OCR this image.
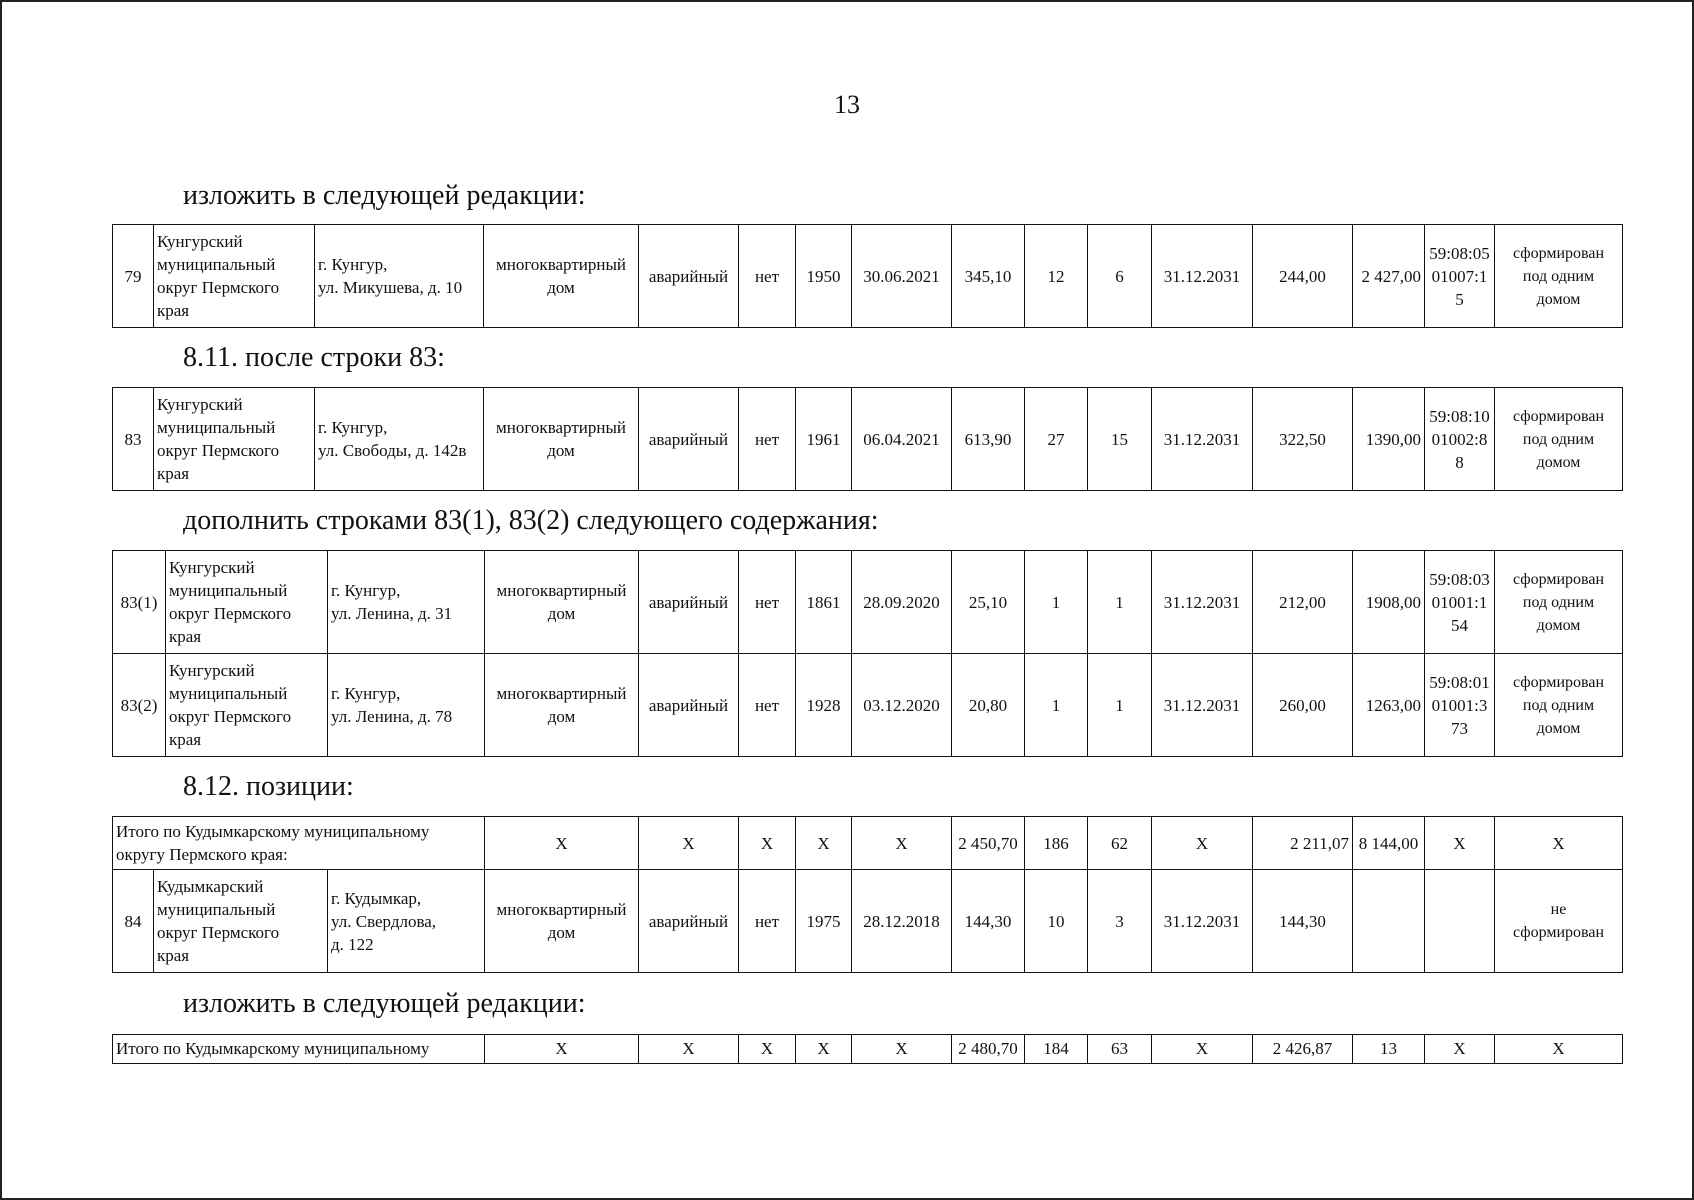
13
изложить в следующей редакции:
79	Кунгурский
муниципальный
округ Пермского
края	г. Кунгур,
ул. Микушева, д. 10	многоквартирный
дом	аварийный	нет	1950	30.06.2021	345,10	12	6	31.12.2031	244,00	2 427,00	59:08:05
01007:1
5	сформирован
под одним
домом
8.11. после строки 83:
83	Кунгурский
муниципальный
округ Пермского
края	г. Кунгур,
ул. Свободы, д. 142в	многоквартирный
дом	аварийный	нет	1961	06.04.2021	613,90	27	15	31.12.2031	322,50	1390,00	59:08:10
01002:8
8	сформирован
под одним
домом
дополнить строками 83(1), 83(2) следующего содержания:
83(1)	Кунгурский
муниципальный
округ Пермского
края	г. Кунгур,
ул. Ленина, д. 31	многоквартирный
дом	аварийный	нет	1861	28.09.2020	25,10	1	1	31.12.2031	212,00	1908,00	59:08:03
01001:1
54	сформирован
под одним
домом
83(2)	Кунгурский
муниципальный
округ Пермского
края	г. Кунгур,
ул. Ленина, д. 78	многоквартирный
дом	аварийный	нет	1928	03.12.2020	20,80	1	1	31.12.2031	260,00	1263,00	59:08:01
01001:3
73	сформирован
под одним
домом
8.12. позиции:
Итого по Кудымкарскому муниципальному
округу Пермского края:			Х	Х	Х	Х	Х	2 450,70	186	62	Х	2 211,07	8 144,00	Х	Х
84	Кудымкарский
муниципальный
округ Пермского
края	г. Кудымкар,
ул. Свердлова,
д. 122	многоквартирный
дом	аварийный	нет	1975	28.12.2018	144,30	10	3	31.12.2031	144,30			не
сформирован
изложить в следующей редакции:
Итого по Кудымкарскому муниципальному	Х	Х	Х	Х	Х	2 480,70	184	63	Х	2 426,87	13	Х	Х
